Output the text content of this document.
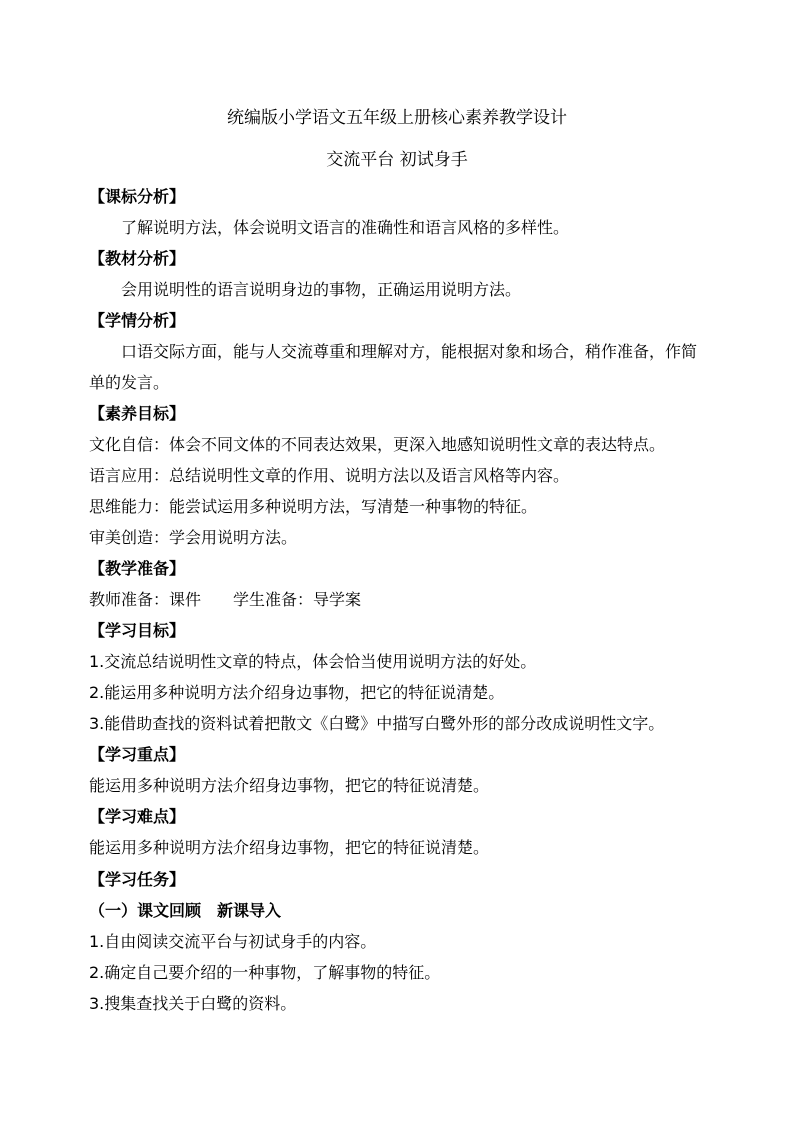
统编版小学语文五年级上册核心素养教学设计
交流平台 初试身手
【课标分析】
了解说明方法，体会说明文语言的准确性和语言风格的多样性。
【教材分析】
会用说明性的语言说明身边的事物，正确运用说明方法。
【学情分析】
口语交际方面，能与人交流尊重和理解对方，能根据对象和场合，稍作准备，作简
单的发言。
【素养目标】
文化自信：体会不同文体的不同表达效果，更深入地感知说明性文章的表达特点。
语言应用：总结说明性文章的作用、说明方法以及语言风格等内容。
思维能力：能尝试运用多种说明方法，写清楚一种事物的特征。
审美创造：学会用说明方法。
【教学准备】
教师准备：课件　　学生准备：导学案
【学习目标】
1.交流总结说明性文章的特点，体会恰当使用说明方法的好处。
2.能运用多种说明方法介绍身边事物，把它的特征说清楚。
3.能借助查找的资料试着把散文《白鹭》中描写白鹭外形的部分改成说明性文字。
【学习重点】
能运用多种说明方法介绍身边事物，把它的特征说清楚。
【学习难点】
能运用多种说明方法介绍身边事物，把它的特征说清楚。
【学习任务】
（一）课文回顾　新课导入
1.自由阅读交流平台与初试身手的内容。
2.确定自己要介绍的一种事物，了解事物的特征。
3.搜集查找关于白鹭的资料。
